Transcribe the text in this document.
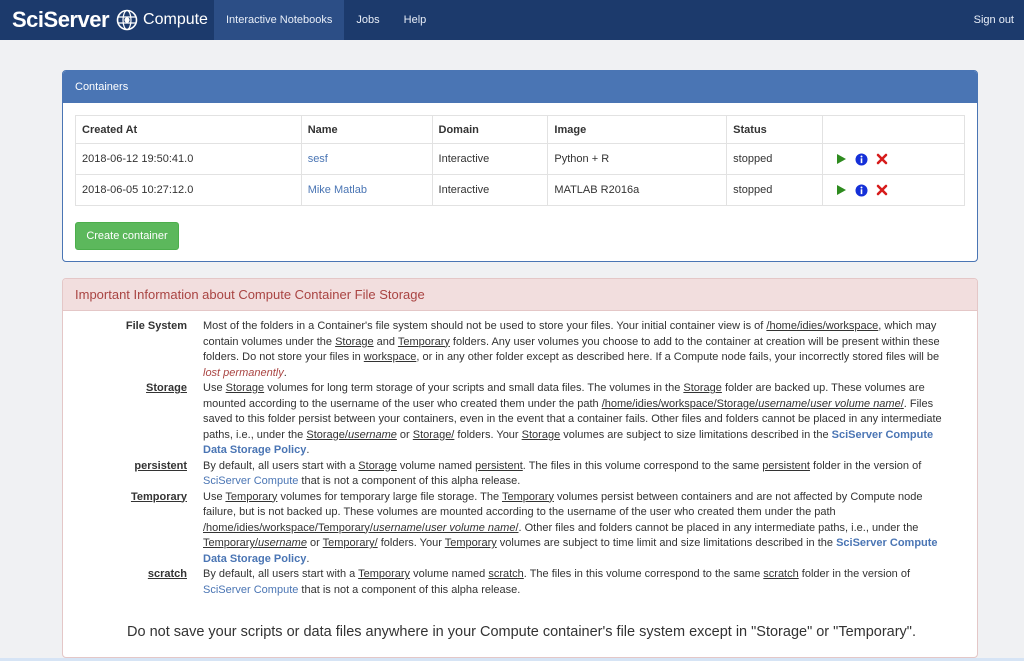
SciServer Compute	Interactive Notebooks	Jobs	Help	Sign out
Containers
Created At	Name	Domain	Image	Status	
2018-06-12 19:50:41.0	sesf	Interactive	Python + R	stopped	

2018-06-05 10:27:12.0	Mike Matlab	Interactive	MATLAB R2016a	stopped	
Create container
Important Information about Compute Container File Storage
File System	Most of the folders in a Container's file system should not be used to store your files. Your initial container view is of /home/idies/workspace, which may contain volumes under the Storage and Temporary folders. Any user volumes you choose to add to the container at creation will be present within these folders. Do not store your files in workspace, or in any other folder except as described here. If a Compute node fails, your incorrectly stored files will be lost permanently.
Storage	Use Storage volumes for long term storage of your scripts and small data files. The volumes in the Storage folder are backed up. These volumes are mounted according to the username of the user who created them under the path /home/idies/workspace/Storage/username/user volume name/. Files saved to this folder persist between your containers, even in the event that a container fails. Other files and folders cannot be placed in any intermediate paths, i.e., under the Storage/username or Storage/ folders. Your Storage volumes are subject to size limitations described in the SciServer Compute Data Storage Policy.
persistent	By default, all users start with a Storage volume named persistent. The files in this volume correspond to the same persistent folder in the version of SciServer Compute that is not a component of this alpha release.
Temporary	Use Temporary volumes for temporary large file storage. The Temporary volumes persist between containers and are not affected by Compute node failure, but is not backed up. These volumes are mounted according to the username of the user who created them under the path /home/idies/workspace/Temporary/username/user volume name/. Other files and folders cannot be placed in any intermediate paths, i.e., under the Temporary/username or Temporary/ folders. Your Temporary volumes are subject to time limit and size limitations described in the SciServer Compute Data Storage Policy.
scratch	By default, all users start with a Temporary volume named scratch. The files in this volume correspond to the same scratch folder in the version of SciServer Compute that is not a component of this alpha release.
Do not save your scripts or data files anywhere in your Compute container's file system except in "Storage" or "Temporary".
